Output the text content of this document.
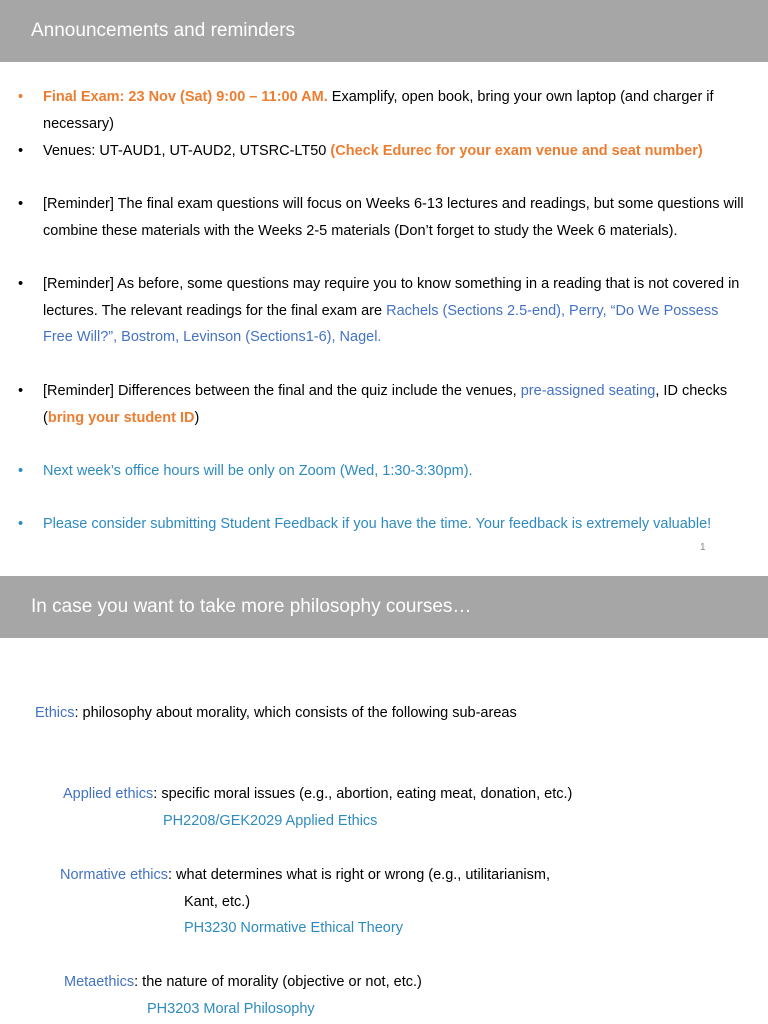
Announcements and reminders
•	Final Exam: 23 Nov (Sat) 9:00 – 11:00 AM. Examplify, open book, bring your own laptop (and charger if necessary)
•	Venues: UT-AUD1, UT-AUD2, UTSRC-LT50 (Check Edurec for your exam venue and seat number)
•	[Reminder] The final exam questions will focus on Weeks 6-13 lectures and readings, but some questions will combine these materials with the Weeks 2-5 materials (Don’t forget to study the Week 6 materials).
•	[Reminder] As before, some questions may require you to know something in a reading that is not covered in lectures. The relevant readings for the final exam are Rachels (Sections 2.5-end), Perry, “Do We Possess Free Will?”, Bostrom, Levinson (Sections1-6), Nagel.
•	[Reminder] Differences between the final and the quiz include the venues, pre-assigned seating, ID checks (bring your student ID)
•	Next week’s office hours will be only on Zoom (Wed, 1:30-3:30pm).
•	Please consider submitting Student Feedback if you have the time. Your feedback is extremely valuable!
1
In case you want to take more philosophy courses…
Ethics: philosophy about morality, which consists of the following sub-areas
Applied ethics: specific moral issues (e.g., abortion, eating meat, donation, etc.)
PH2208/GEK2029 Applied Ethics
Normative ethics: what determines what is right or wrong (e.g., utilitarianism,
Kant, etc.)
PH3230 Normative Ethical Theory
Metaethics: the nature of morality (objective or not, etc.)
PH3203 Moral Philosophy
